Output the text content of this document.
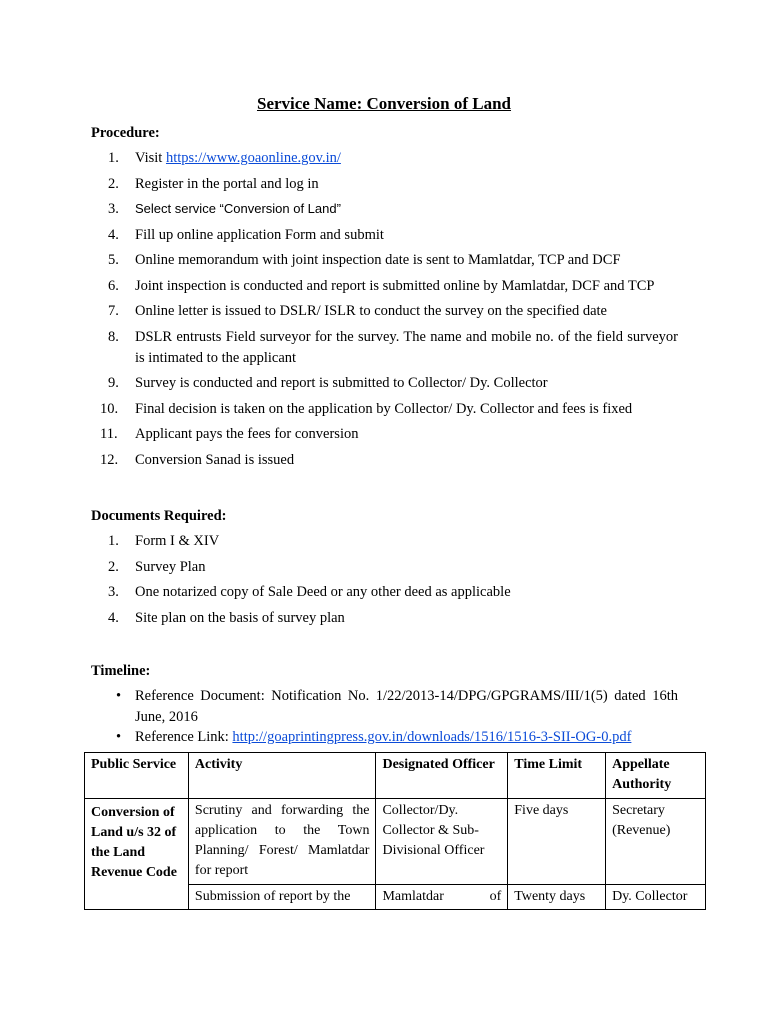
Service Name: Conversion of Land
Procedure:
1. Visit https://www.goaonline.gov.in/
2. Register in the portal and log in
3. Select service “Conversion of Land”
4. Fill up online application Form and submit
5. Online memorandum with joint inspection date is sent to Mamlatdar, TCP and DCF
6. Joint inspection is conducted and report is submitted online by Mamlatdar, DCF and TCP
7. Online letter is issued to DSLR/ ISLR to conduct the survey on the specified date
8. DSLR entrusts Field surveyor for the survey. The name and mobile no. of the field surveyor is intimated to the applicant
9. Survey is conducted and report is submitted to Collector/ Dy. Collector
10. Final decision is taken on the application by Collector/ Dy. Collector and fees is fixed
11. Applicant pays the fees for conversion
12. Conversion Sanad is issued
Documents Required:
1. Form I & XIV
2. Survey Plan
3. One notarized copy of Sale Deed or any other deed as applicable
4. Site plan on the basis of survey plan
Timeline:
• Reference Document: Notification No. 1/22/2013-14/DPG/GPGRAMS/III/1(5) dated 16th June, 2016
• Reference Link: http://goaprintingpress.gov.in/downloads/1516/1516-3-SII-OG-0.pdf
Public Service	Activity	Designated Officer	Time Limit	Appellate Authority
Conversion of Land u/s 32 of the Land Revenue Code	Scrutiny and forwarding the application to the Town Planning/ Forest/ Mamlatdar for report	Collector/Dy. Collector & Sub-Divisional Officer	Five days	Secretary (Revenue)
	Submission of report by the	Mamlatdar of	Twenty days	Dy. Collector
